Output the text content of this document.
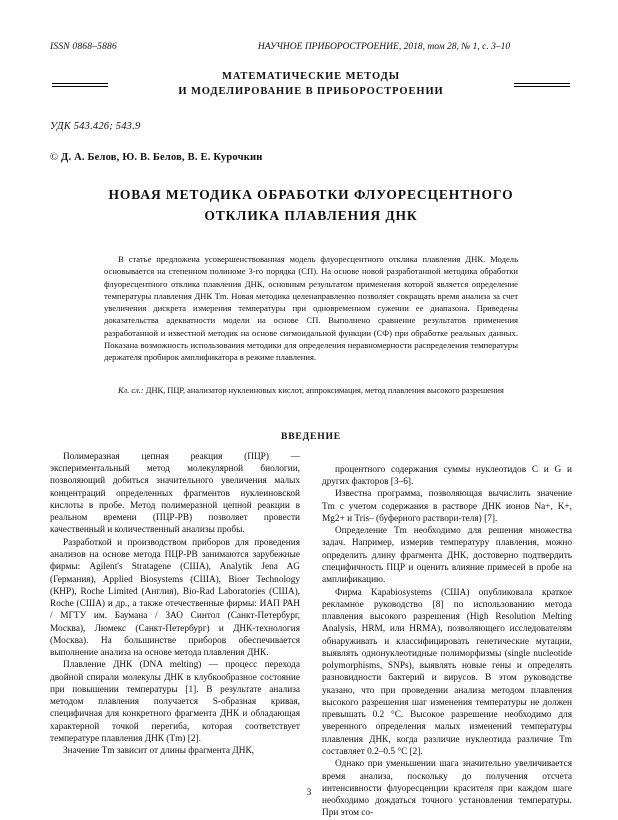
ISSN 0868–5886	НАУЧНОЕ ПРИБОРОСТРОЕНИЕ, 2018, том 28, № 1, с. 3–10
МАТЕМАТИЧЕСКИЕ МЕТОДЫ
И МОДЕЛИРОВАНИЕ В ПРИБОРОСТРОЕНИИ
УДК 543.426; 543.9
© Д. А. Белов, Ю. В. Белов, В. Е. Курочкин
НОВАЯ МЕТОДИКА ОБРАБОТКИ ФЛУОРЕСЦЕНТНОГО
ОТКЛИКА ПЛАВЛЕНИЯ ДНК
В статье предложена усовершенствованная модель флуоресцентного отклика плавления ДНК. Модель основывается на степенном полиноме 3-го порядка (СП). На основе новой разработанной методика обработки флуоресцентного отклика плавления ДНК, основным результатом применения которой является определение температуры плавления ДНК Tm. Новая методика целенаправленно позволяет сокращать время анализа за счет увеличения дискрета измерения температуры при одновременном сужении ее диапазона. Приведены доказательства адекватности модели на основе СП. Выполнено сравнение результатов применения разработанной и известной методик на основе сигмоидальной функции (СФ) при обработке реальных данных. Показана возможность использования методики для определения неравномерности распределения температуры держателя пробирок амплификатора в режиме плавления.
Кл. сл.: ДНК, ПЦР, анализатор нуклеиновых кислот, аппроксимация, метод плавления высокого разрешения
ВВЕДЕНИЕ

Полимеразная цепная реакция (ПЦР) — экспериментальный метод молекулярной биологии, позволяющий добиться значительного увеличения малых концентраций определенных фрагментов нуклеиновской кислоты в пробе. Метод полимеразной цепной реакции в реальном времени (ПЦР-РВ) позволяет провести качественный и количественный анализы пробы.

Разработкой и производством приборов для проведения анализов на основе метода ПЦР-РВ занимаются зарубежные фирмы: Agilent's Stratagene (США), Analytik Jena AG (Германия), Applied Biosystems (США), Bioer Technology (КНР), Roche Limited (Англия), Bio-Rad Laboratories (США), Roche (США) и др., а также отечественные фирмы: ИАП РАН / МГТУ им. Баумана / ЗАО Синтол (Санкт-Петербург, Москва), Люмекс (Санкт-Петербург) и ДНК-технология (Москва). На большинстве приборов обеспечивается выполнение анализа на основе метода плавления ДНК.

Плавление ДНК (DNA melting) — процесс перехода двойной спирали молекулы ДНК в клубкообразное состояние при повышении температуры [1]. В результате анализа методом плавления получается S-образная кривая, специфичная для конкретного фрагмента ДНК и обладающая характерной точкой перегиба, которая соответствует температуре плавления ДНК (Tm) [2].

Значение Tm зависит от длины фрагмента ДНК,

процентного содержания суммы нуклеотидов C и G и других факторов [3–6].

Известна программа, позволяющая вычислить значение Tm с учетом содержания в растворе ДНК ионов Na+, K+, Mg2+ и Tris– (буферного раствори-теля) [7].

Определение Tm необходимо для решения множества задач. Например, измерив температуру плавления, можно определить длину фрагмента ДНК, достоверно подтвердить специфичность ПЦР и оценить влияние примесей в пробе на амплификацию.

Фирма Kapabiosystems (США) опубликовала краткое рекламное руководство [8] по использованию метода плавления высокого разрешения (High Resolution Melting Analysis, HRM, или HRMA), позволяющего исследователям обнаруживать и классифицировать генетические мутации, выявлять однонуклеотидные полиморфизмы (single nucleotide polymorphisms, SNPs), выявлять новые гены и определять разновидности бактерий и вирусов. В этом руководстве указано, что при проведении анализа методом плавления высокого разрешения шаг изменения температуры не должен превышать 0.2 °C. Высокое разрешение необходимо для уверенного определения малых изменений температуры плавления ДНК, когда различие нуклеотида различие Tm составляет 0.2–0.5 °C [2].

Однако при уменьшении шага значительно увеличивается время анализа, поскольку до получения отсчета интенсивности флуоресценции красителя при каждом шаге необходимо дождаться точного установления температуры. При этом со-

3
